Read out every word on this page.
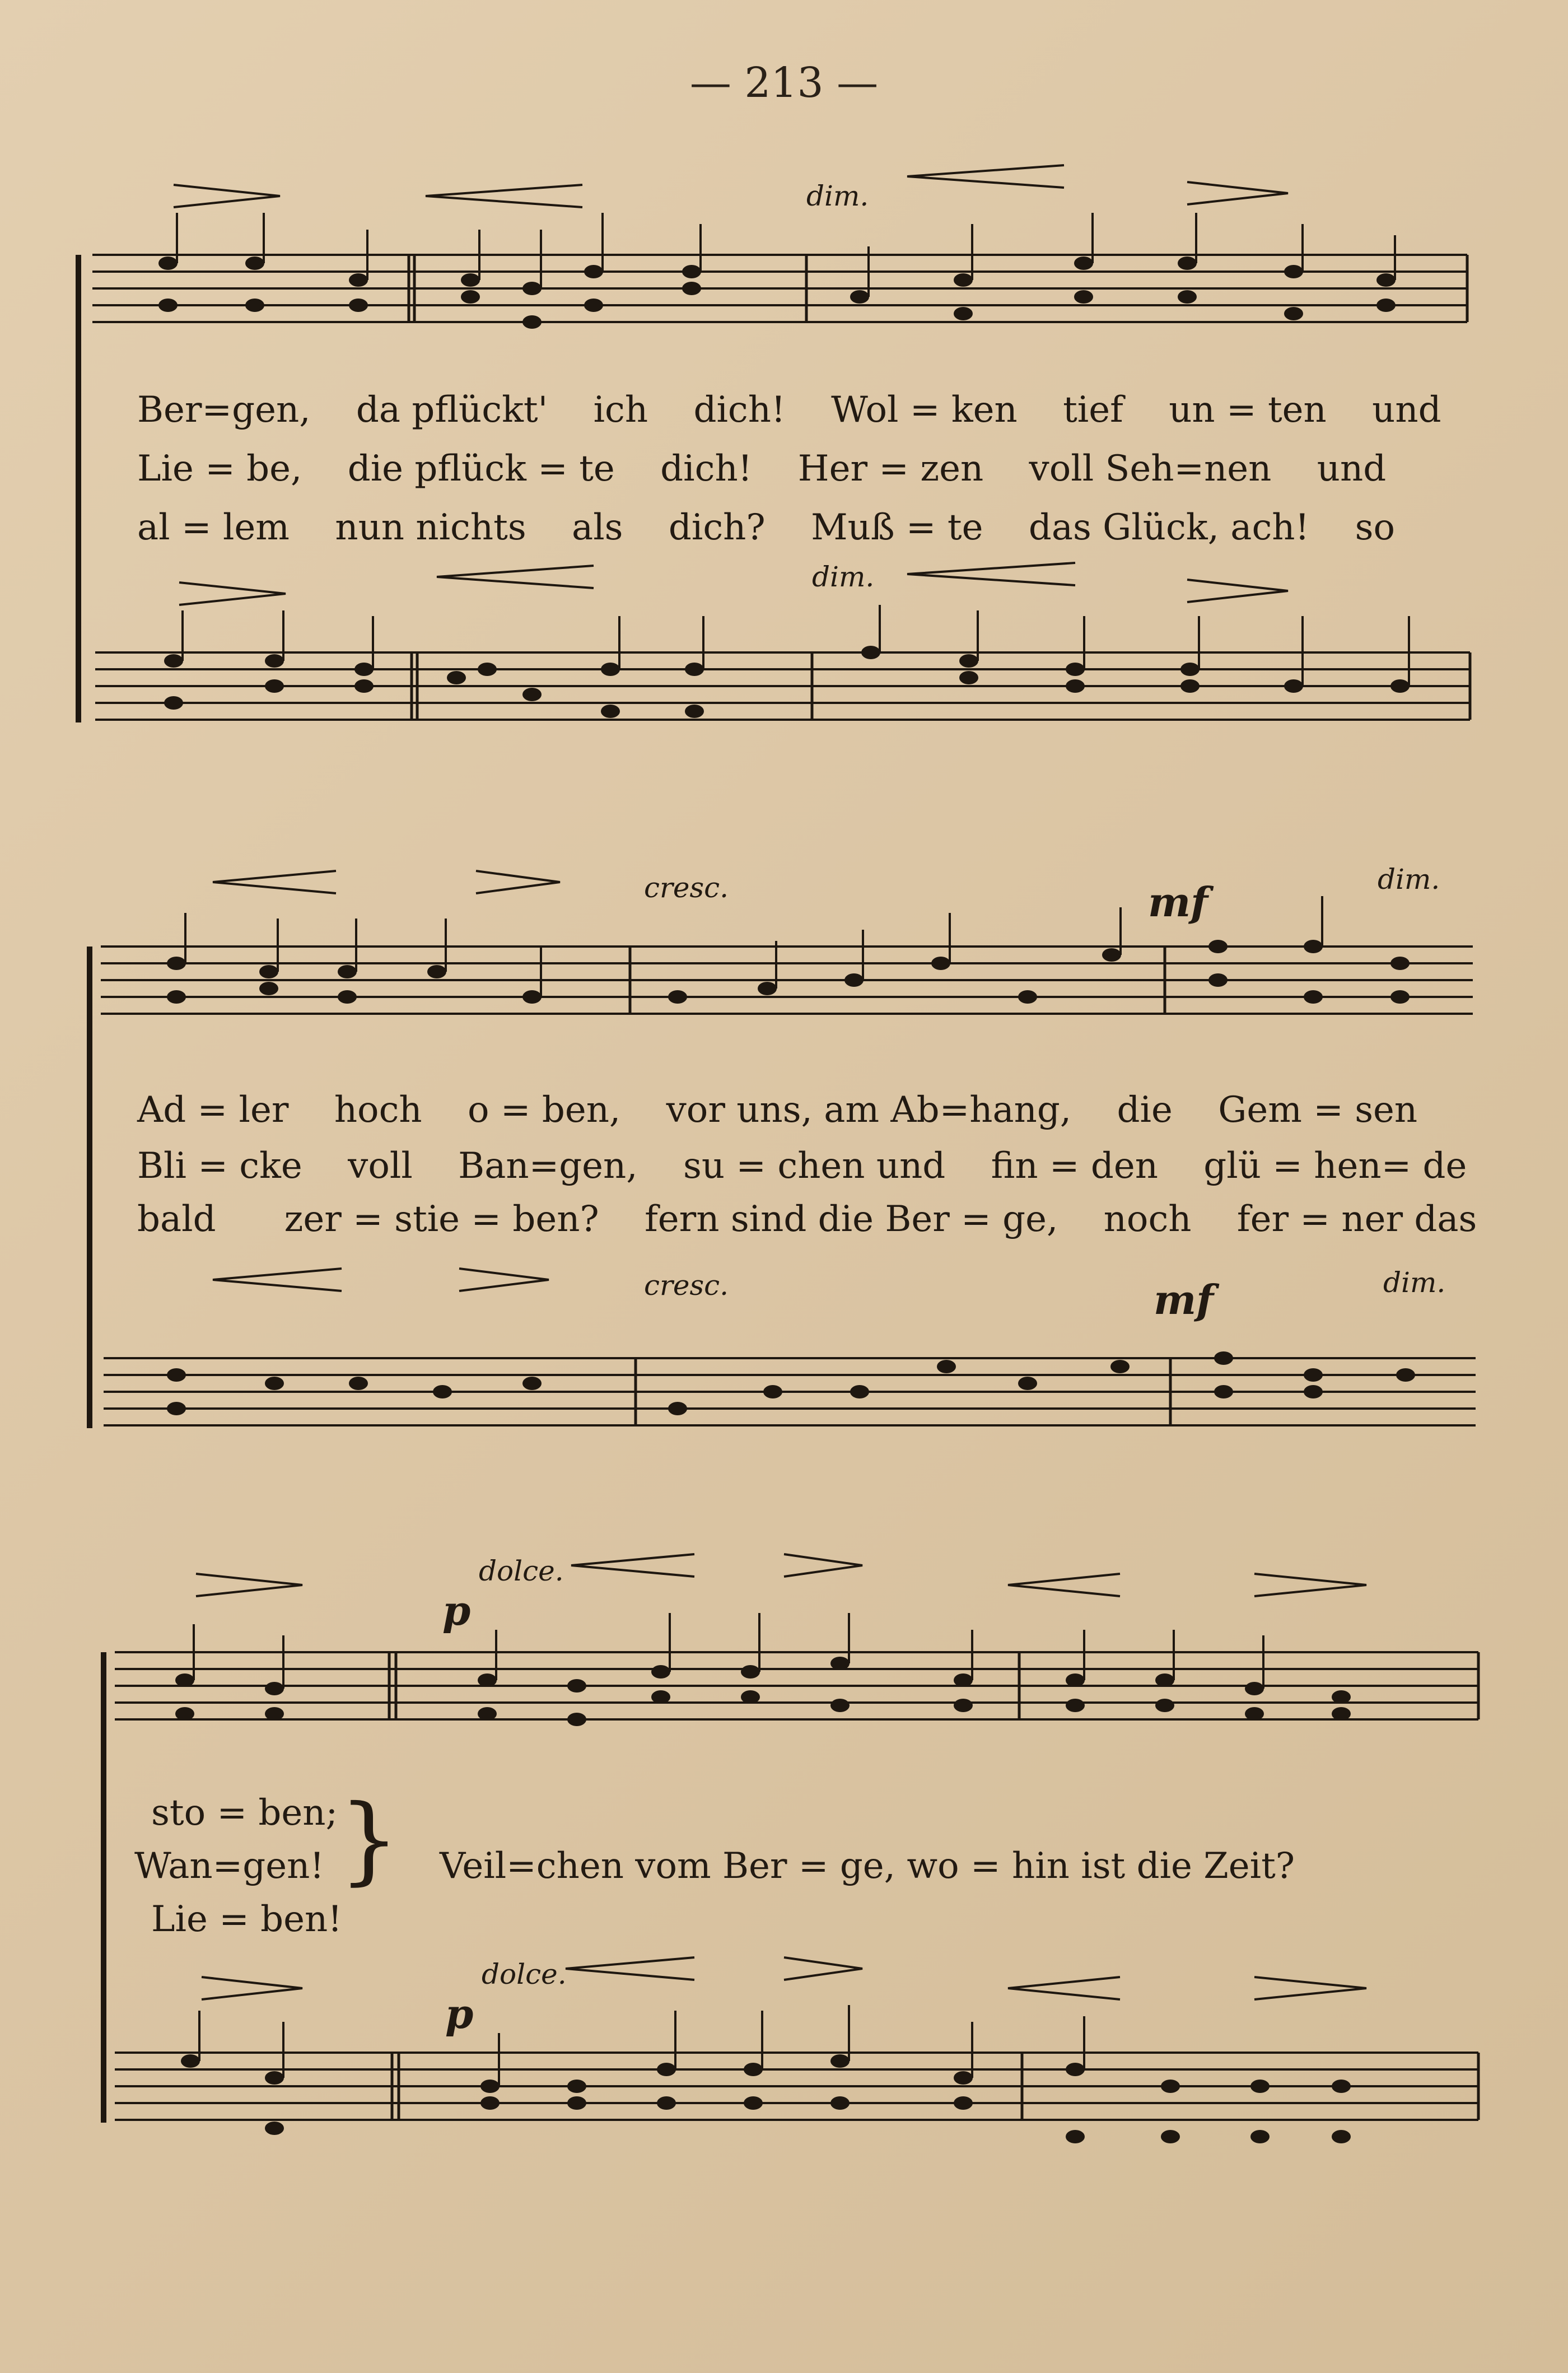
— 213 —
}
Ber=gen, da pflückt' ich dich! Wol = ken tief un = ten und
Lie = be, die pflück = te dich! Her = zen voll Seh=nen und
al = lem nun nichts als dich? Muß = te das Glück, ach! so
dim.
dim.
Ad = ler hoch o = ben, vor uns, am Ab=hang, die Gem = sen
Bli = cke voll Ban=gen, su = chen und fin = den glü = hen= de
bald zer = stie = ben? fern sind die Ber = ge, noch fer = ner das
cresc.	mf	dim.
cresc.	mf	dim.
sto = ben;
Wan=gen!
Lie = ben!
Veil=chen vom Ber = ge, wo = hin ist die Zeit?
dolce.
p
dolce.
p
